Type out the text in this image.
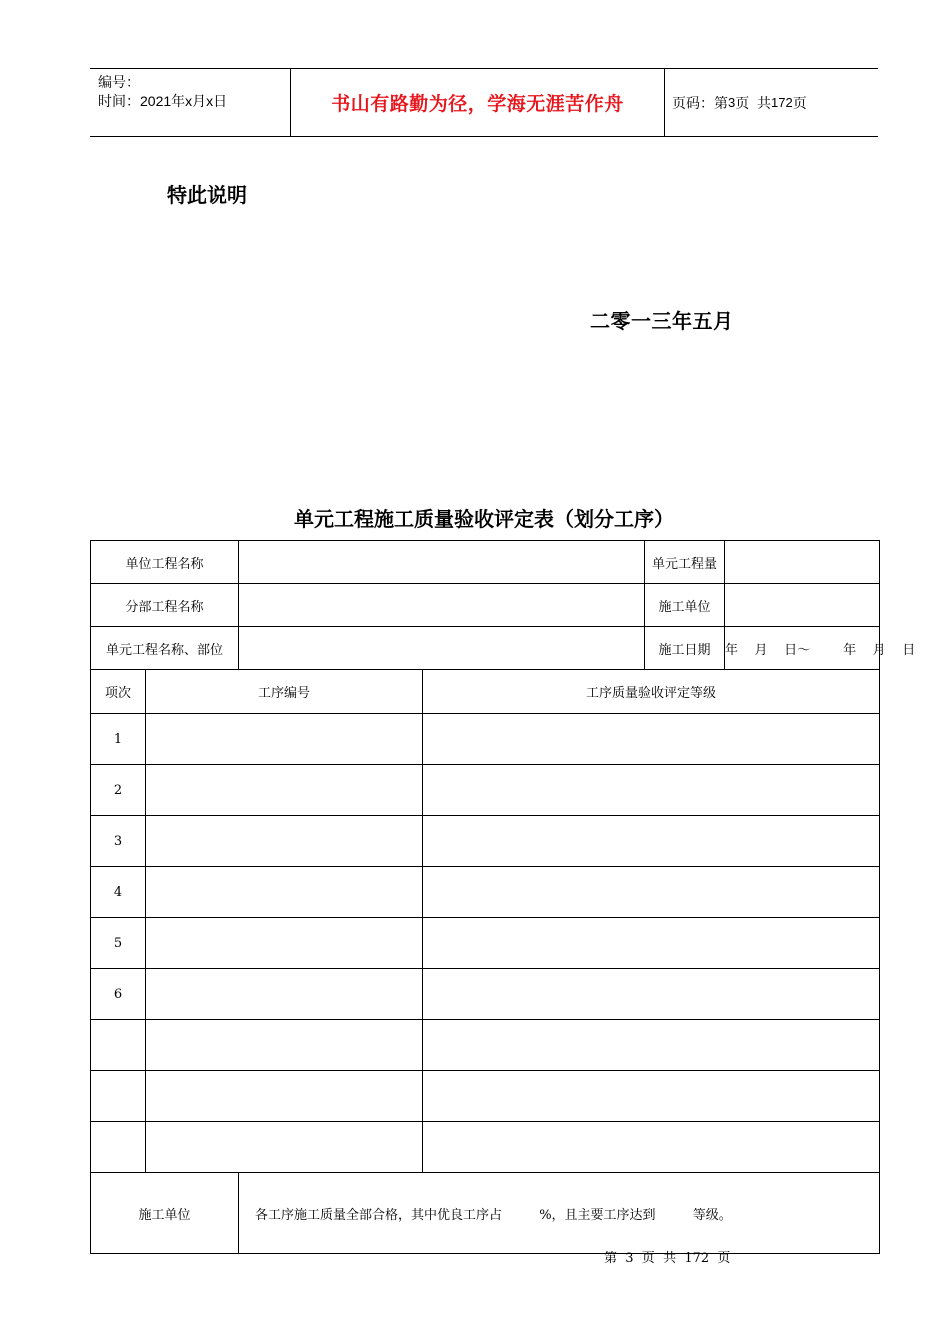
编号：
时间：2021年x月x日	书山有路勤为径，学海无涯苦作舟	页码：第 3 页  共 172 页
特此说明
二零一三年五月
单元工程施工质量验收评定表（划分工序）
单位工程名称				单元工程量	
分部工程名称				施工单位	
单元工程名称、部位				施工日期	年    月    日～        年    月    日
项次	工序编号		工序质量验收评定等级		
1					
2					
3					
4					
5					
6					

施工单位		各工序施工质量全部合格，其中优良工序占         %，且主要工序达到         等级。			
第  3  页  共  172  页
